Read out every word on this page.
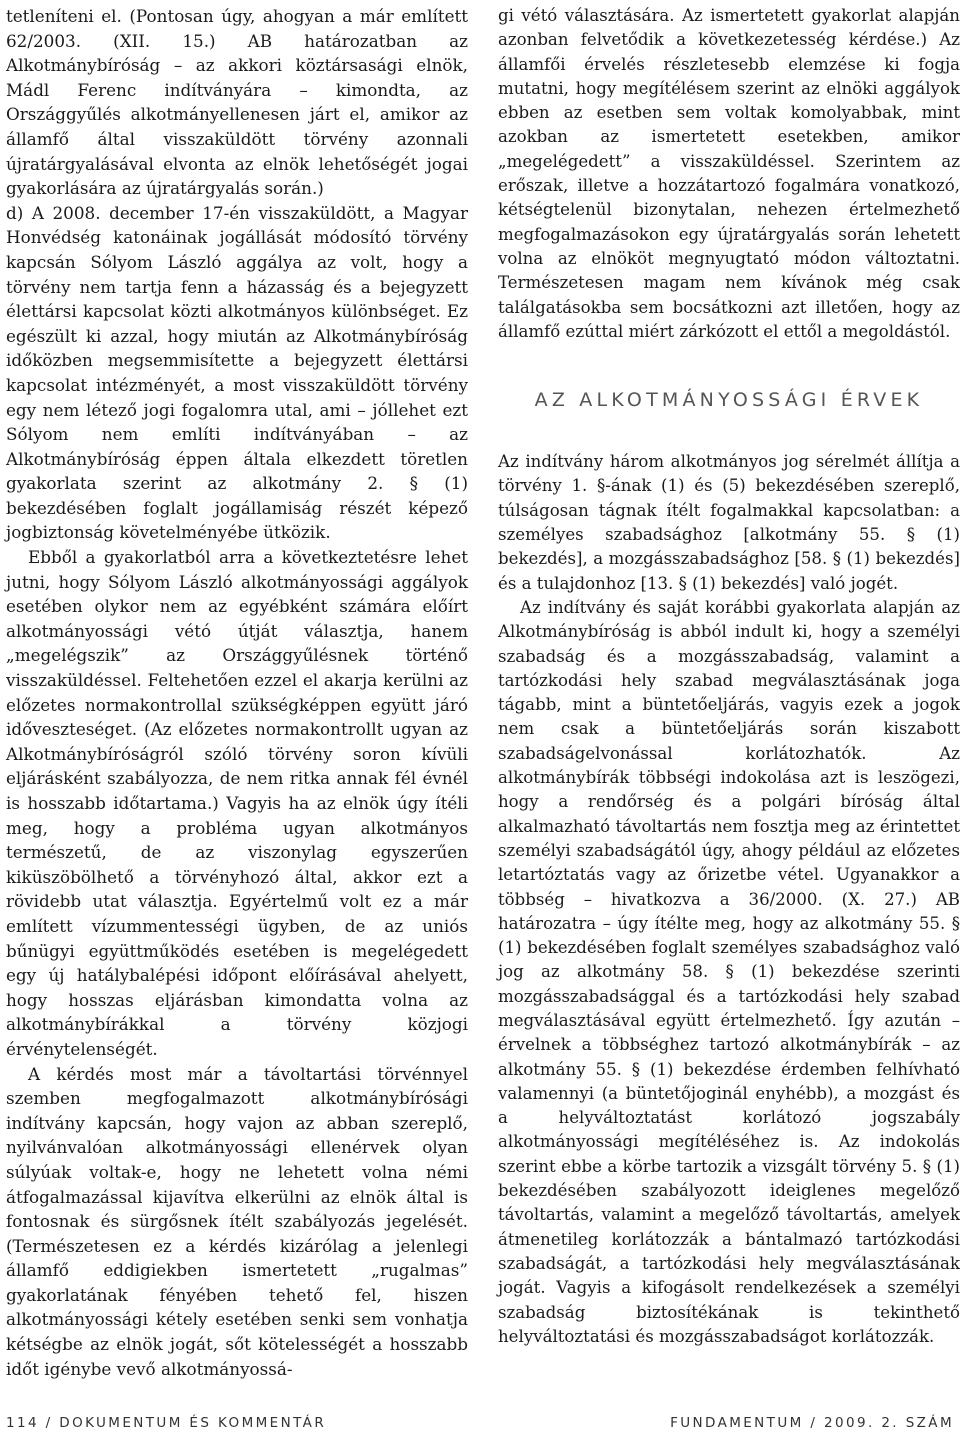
tetleníteni el. (Pontosan úgy, ahogyan a már említett 62/2003. (XII. 15.) AB határozatban az Alkotmánybíróság – az akkori köztársasági elnök, Mádl Ferenc indítványára – kimondta, az Országgyűlés alkotmányellenesen járt el, amikor az államfő által visszaküldött törvény azonnali újratárgyalásával elvonta az elnök lehetőségét jogai gyakorlására az újratárgyalás során.)

d) A 2008. december 17-én visszaküldött, a Magyar Honvédség katonáinak jogállását módosító törvény kapcsán Sólyom László aggálya az volt, hogy a törvény nem tartja fenn a házasság és a bejegyzett élettársi kapcsolat közti alkotmányos különbséget. Ez egészült ki azzal, hogy miután az Alkotmánybíróság időközben megsemmisítette a bejegyzett élettársi kapcsolat intézményét, a most visszaküldött törvény egy nem létező jogi fogalomra utal, ami – jóllehet ezt Sólyom nem említi indítványában – az Alkotmánybíróság éppen általa elkezdett töretlen gyakorlata szerint az alkotmány 2. § (1) bekezdésében foglalt jogállamiság részét képező jogbiztonság követelményébe ütközik.

Ebből a gyakorlatból arra a következtetésre lehet jutni, hogy Sólyom László alkotmányossági aggályok esetében olykor nem az egyébként számára előírt alkotmányossági vétó útját választja, hanem „megelégszik” az Országgyűlésnek történő visszaküldéssel. Feltehetően ezzel el akarja kerülni az előzetes normakontrollal szükségképpen együtt járó időveszteséget. (Az előzetes normakontrollt ugyan az Alkotmánybíróságról szóló törvény soron kívüli eljárásként szabályozza, de nem ritka annak fél évnél is hosszabb időtartama.) Vagyis ha az elnök úgy ítéli meg, hogy a probléma ugyan alkotmányos természetű, de az viszonylag egyszerűen kiküszöbölhető a törvényhozó által, akkor ezt a rövidebb utat választja. Egyértelmű volt ez a már említett vízummentességi ügyben, de az uniós bűnügyi együttműködés esetében is megelégedett egy új hatálybalépési időpont előírásával ahelyett, hogy hosszas eljárásban kimondatta volna az alkotmánybírákkal a törvény közjogi érvénytelenségét.

A kérdés most már a távoltartási törvénnyel szemben megfogalmazott alkotmánybírósági indítvány kapcsán, hogy vajon az abban szereplő, nyilvánvalóan alkotmányossági ellenérvek olyan súlyúak voltak-e, hogy ne lehetett volna némi átfogalmazással kijavítva elkerülni az elnök által is fontosnak és sürgősnek ítélt szabályozás jegelését. (Természetesen ez a kérdés kizárólag a jelenlegi államfő eddigiekben ismertetett „rugalmas” gyakorlatának fényében tehető fel, hiszen alkotmányossági kétely esetében senki sem vonhatja kétségbe az elnök jogát, sőt kötelességét a hosszabb időt igénybe vevő alkotmányossá-

gi vétó választására. Az ismertetett gyakorlat alapján azonban felvetődik a következetesség kérdése.) Az államfői érvelés részletesebb elemzése ki fogja mutatni, hogy megítélésem szerint az elnöki aggályok ebben az esetben sem voltak komolyabbak, mint azokban az ismertetett esetekben, amikor „megelégedett” a visszaküldéssel. Szerintem az erőszak, illetve a hozzátartozó fogalmára vonatkozó, kétségtelenül bizonytalan, nehezen értelmezhető megfogalmazásokon egy újratárgyalás során lehetett volna az elnököt megnyugtató módon változtatni. Természetesen magam nem kívánok még csak találgatásokba sem bocsátkozni azt illetően, hogy az államfő ezúttal miért zárkózott el ettől a megoldástól.

AZ ALKOTMÁNYOSSÁGI ÉRVEK

Az indítvány három alkotmányos jog sérelmét állítja a törvény 1. §-ának (1) és (5) bekezdésében szereplő, túlságosan tágnak ítélt fogalmakkal kapcsolatban: a személyes szabadsághoz [alkotmány 55. § (1) bekezdés], a mozgásszabadsághoz [58. § (1) bekezdés] és a tulajdonhoz [13. § (1) bekezdés] való jogét.

Az indítvány és saját korábbi gyakorlata alapján az Alkotmánybíróság is abból indult ki, hogy a személyi szabadság és a mozgásszabadság, valamint a tartózkodási hely szabad megválasztásának joga tágabb, mint a büntetőeljárás, vagyis ezek a jogok nem csak a büntetőeljárás során kiszabott szabadságelvonással korlátozhatók. Az alkotmánybírák többségi indokolása azt is leszögezi, hogy a rendőrség és a polgári bíróság által alkalmazható távoltartás nem fosztja meg az érintettet személyi szabadságától úgy, ahogy például az előzetes letartóztatás vagy az őrizetbe vétel. Ugyanakkor a többség – hivatkozva a 36/2000. (X. 27.) AB határozatra – úgy ítélte meg, hogy az alkotmány 55. § (1) bekezdésében foglalt személyes szabadsághoz való jog az alkotmány 58. § (1) bekezdése szerinti mozgásszabadsággal és a tartózkodási hely szabad megválasztásával együtt értelmezhető. Így azután – érvelnek a többséghez tartozó alkotmánybírák – az alkotmány 55. § (1) bekezdése érdemben felhívható valamennyi (a büntetőjoginál enyhébb), a mozgást és a helyváltoztatást korlátozó jogszabály alkotmányossági megítéléséhez is. Az indokolás szerint ebbe a körbe tartozik a vizsgált törvény 5. § (1) bekezdésében szabályozott ideiglenes megelőző távoltartás, valamint a megelőző távoltartás, amelyek átmenetileg korlátozzák a bántalmazó tartózkodási szabadságát, a tartózkodási hely megválasztásának jogát. Vagyis a kifogásolt rendelkezések a személyi szabadság biztosítékának is tekinthető helyváltoztatási és mozgásszabadságot korlátozzák.

114 / DOKUMENTUM ÉS KOMMENTÁR	FUNDAMENTUM / 2009. 2. SZÁM
